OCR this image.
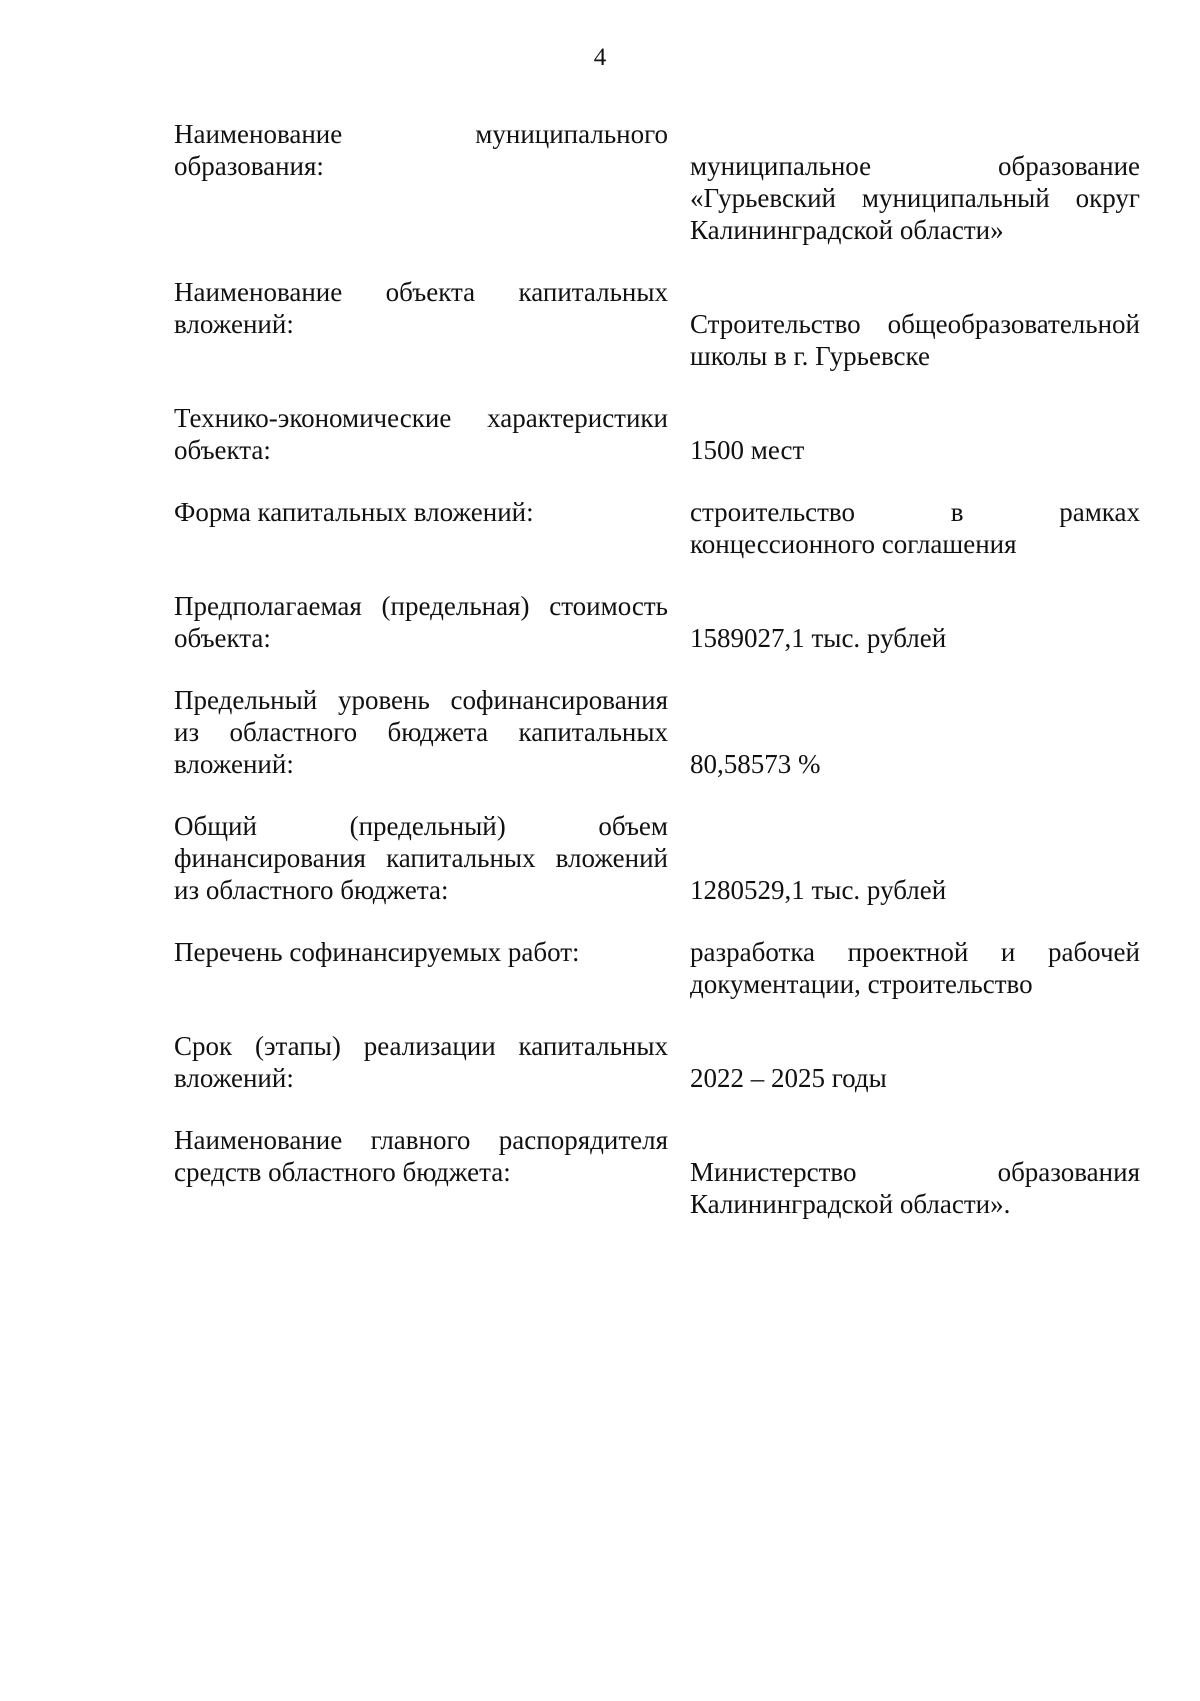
4
Наименование муниципального образования:	муниципальное образование «Гурьевский муниципальный округ Калининградской области»
Наименование объекта капитальных вложений:	Строительство общеобразовательной школы в г. Гурьевске
Технико-экономические характеристики объекта:	1500 мест
Форма капитальных вложений:	строительство в рамках концессионного соглашения
Предполагаемая (предельная) стоимость объекта:	1589027,1 тыс. рублей
Предельный уровень софинансирования из областного бюджета капитальных вложений:	80,58573 %
Общий (предельный) объем финансирования капитальных вложений из областного бюджета:	1280529,1 тыс. рублей
Перечень софинансируемых работ:	разработка проектной и рабочей документации, строительство
Срок (этапы) реализации капитальных вложений:	2022 – 2025 годы
Наименование главного распорядителя средств областного бюджета:	Министерство образования Калининградской области».
